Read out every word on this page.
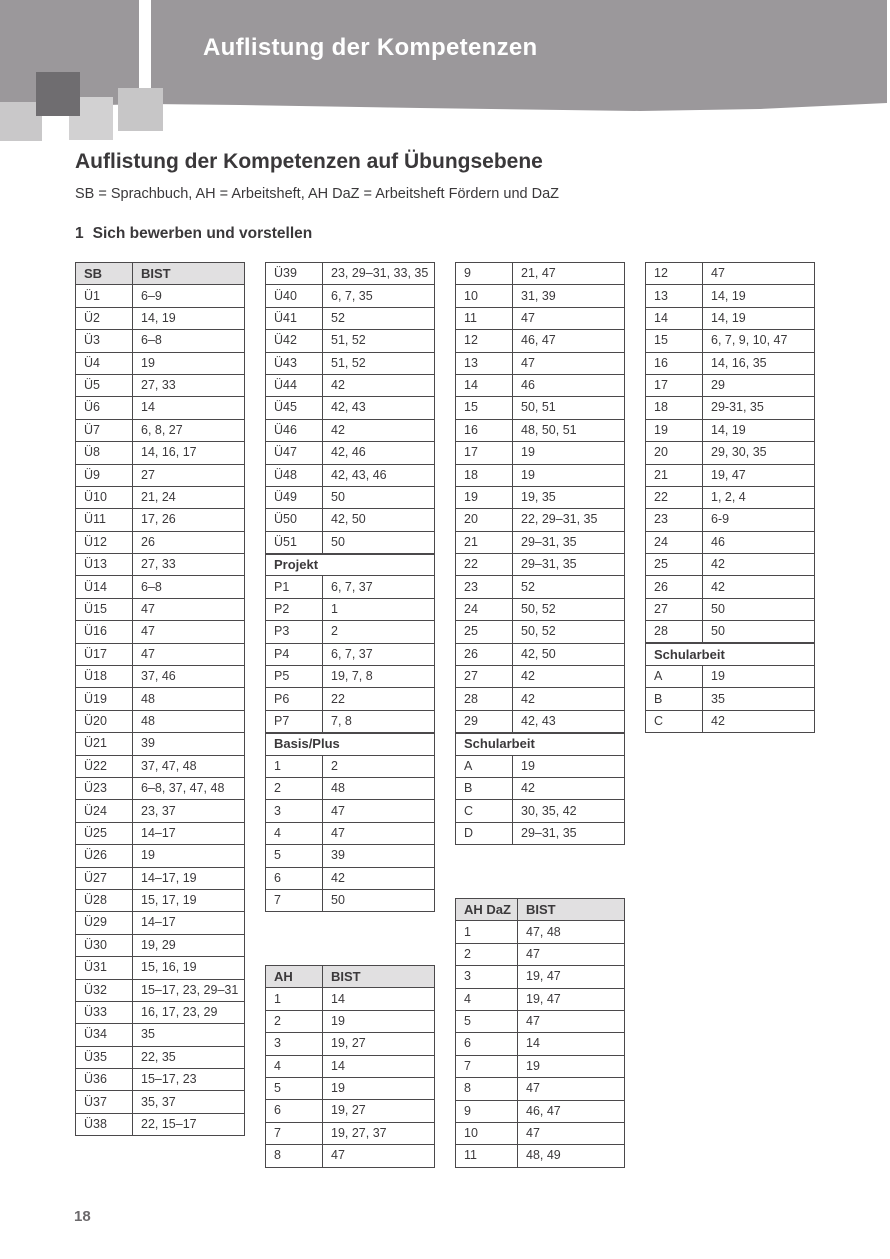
Auflistung der Kompetenzen
Auflistung der Kompetenzen auf Übungsebene
SB = Sprachbuch, AH = Arbeitsheft, AH DaZ = Arbeitsheft Fördern und DaZ
1 Sich bewerben und vorstellen
SB	BIST
Ü1	6–9
Ü2	14, 19
Ü3	6–8
Ü4	19
Ü5	27, 33
Ü6	14
Ü7	6, 8, 27
Ü8	14, 16, 17
Ü9	27
Ü10	21, 24
Ü11	17, 26
Ü12	26
Ü13	27, 33
Ü14	6–8
Ü15	47
Ü16	47
Ü17	47
Ü18	37, 46
Ü19	48
Ü20	48
Ü21	39
Ü22	37, 47, 48
Ü23	6–8, 37, 47, 48
Ü24	23, 37
Ü25	14–17
Ü26	19
Ü27	14–17, 19
Ü28	15, 17, 19
Ü29	14–17
Ü30	19, 29
Ü31	15, 16, 19
Ü32	15–17, 23, 29–31
Ü33	16, 17, 23, 29
Ü34	35
Ü35	22, 35
Ü36	15–17, 23
Ü37	35, 37
Ü38	22, 15–17
Ü39	23, 29–31, 33, 35
Ü40	6, 7, 35
Ü41	52
Ü42	51, 52
Ü43	51, 52
Ü44	42
Ü45	42, 43
Ü46	42
Ü47	42, 46
Ü48	42, 43, 46
Ü49	50
Ü50	42, 50
Ü51	50
Projekt	
P1	6, 7, 37
P2	1
P3	2
P4	6, 7, 37
P5	19, 7, 8
P6	22
P7	7, 8
Basis/Plus	
1	2
2	48
3	47
4	47
5	39
6	42
7	50
AH	BIST
1	14
2	19
3	19, 27
4	14
5	19
6	19, 27
7	19, 27, 37
8	47
9	21, 47
10	31, 39
11	47
12	46, 47
13	47
14	46
15	50, 51
16	48, 50, 51
17	19
18	19
19	19, 35
20	22, 29–31, 35
21	29–31, 35
22	29–31, 35
23	52
24	50, 52
25	50, 52
26	42, 50
27	42
28	42
29	42, 43
Schularbeit	
A	19
B	42
C	30, 35, 42
D	29–31, 35
AH DaZ	BIST
1	47, 48
2	47
3	19, 47
4	19, 47
5	47
6	14
7	19
8	47
9	46, 47
10	47
11	48, 49
12	47
13	14, 19
14	14, 19
15	6, 7, 9, 10, 47
16	14, 16, 35
17	29
18	29-31, 35
19	14, 19
20	29, 30, 35
21	19, 47
22	1, 2, 4
23	6-9
24	46
25	42
26	42
27	50
28	50
Schularbeit	
A	19
B	35
C	42
18
